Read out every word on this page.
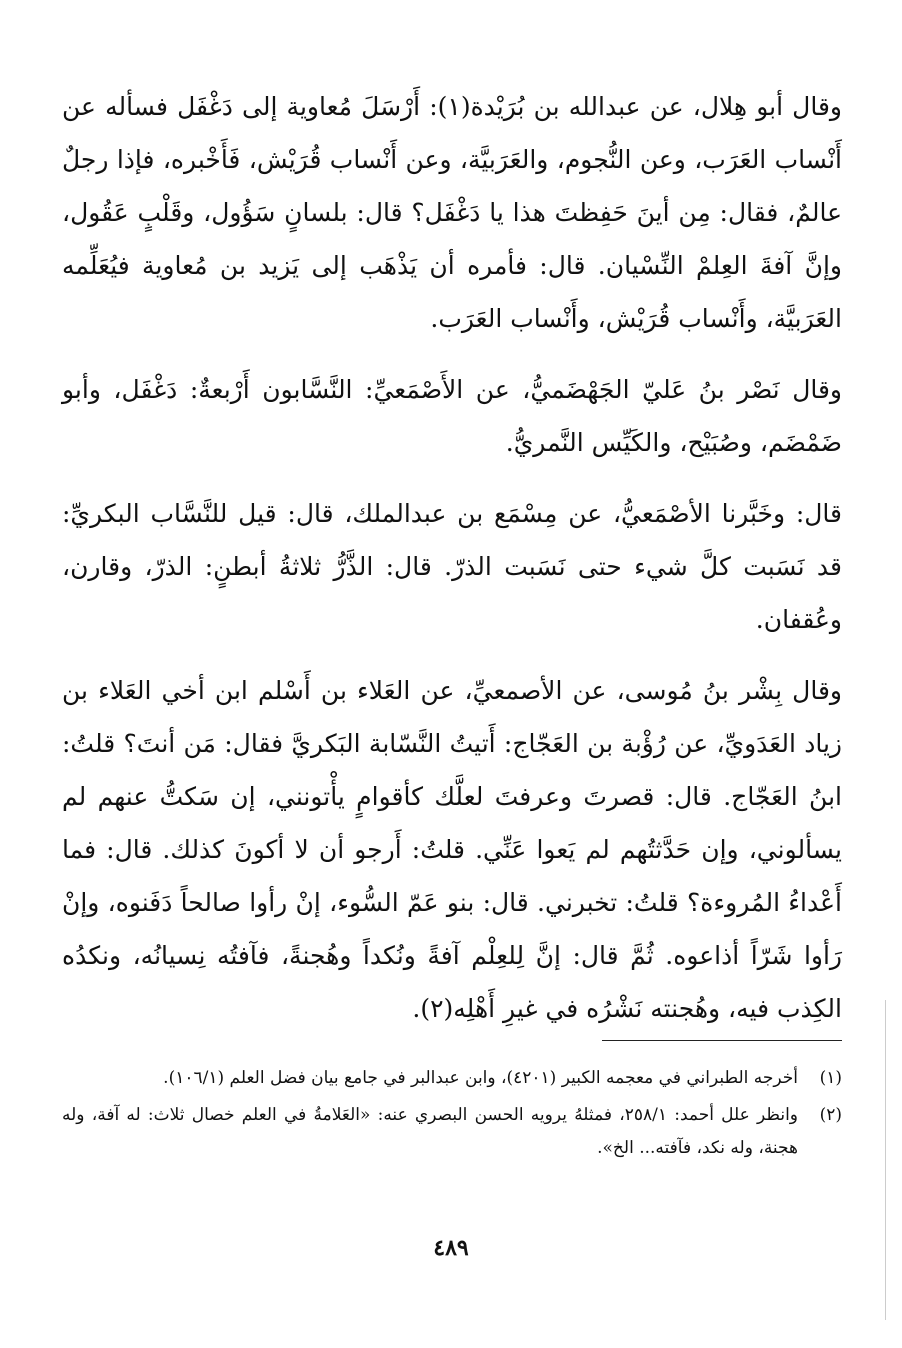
وقال أبو هِلال، عن عبدالله بن بُرَيْدة(١): أَرْسَلَ مُعاوية إلى دَغْفَل فسأله عن أَنْساب العَرَب، وعن النُّجوم، والعَرَبيَّة، وعن أَنْساب قُرَيْش، فَأَخْبره، فإذا رجلٌ عالمٌ، فقال: مِن أينَ حَفِظتَ هذا يا دَغْفَل؟ قال: بلسانٍ سَؤُول، وقَلْبٍ عَقُول، وإنَّ آفةَ العِلمْ النِّسْيان. قال: فأمره أن يَذْهَب إلى يَزيد بن مُعاوية فيُعَلِّمه العَرَبيَّة، وأَنْساب قُرَيْش، وأَنْساب العَرَب.

وقال نَصْر بنُ عَليّ الجَهْضَميُّ، عن الأَصْمَعيِّ: النَّسَّابون أَرْبعةٌ: دَغْفَل، وأبو ضَمْضَم، وصُبَيْح، والكَيِّس النَّمريُّ.

قال: وخَبَّرنا الأصْمَعيُّ، عن مِسْمَع بن عبدالملك، قال: قيل للنَّسَّاب البكريِّ: قد نَسَبت كلَّ شيء حتى نَسَبت الذرّ. قال: الذَّرُّ ثلاثةُ أبطنٍ: الذرّ، وقارن، وعُقفان.

وقال بِشْر بنُ مُوسى، عن الأصمعيِّ، عن العَلاء بن أَسْلم ابن أخي العَلاء بن زياد العَدَويِّ، عن رُؤْبة بن العَجّاج: أَتيتُ النَّسّابة البَكريَّ فقال: مَن أنتَ؟ قلتُ: ابنُ العَجّاج. قال: قصرتَ وعرفتَ لعلَّك كأقوامٍ يأْتونني، إن سَكتُّ عنهم لم يسألوني، وإن حَدَّثتُهم لم يَعوا عَنِّي. قلتُ: أَرجو أن لا أكونَ كذلك. قال: فما أَعْداءُ المُروءة؟ قلتُ: تخبرني. قال: بنو عَمّ السُّوء، إنْ رأوا صالحاً دَفَنوه، وإنْ رَأوا شَرّاً أذاعوه. ثُمَّ قال: إنَّ لِلعِلْم آفةً ونُكداً وهُجنةً، فآفتُه نِسيانُه، ونكدُه الكِذب فيه، وهُجنته نَشْرُه في غيرِ أَهْلِه(٢).

(١)
أخرجه الطبراني في معجمه الكبير (٤٢٠١)، وابن عبدالبر في جامع بيان فضل العلم (١٠٦/١).
(٢)
وانظر علل أحمد: ٢٥٨/١، فمثلهُ يرويه الحسن البصري عنه: «العَلامةُ في العلم خصال ثلاث: له آفة، وله هجنة، وله نكد، فآفته... الخ».
٤٨٩
